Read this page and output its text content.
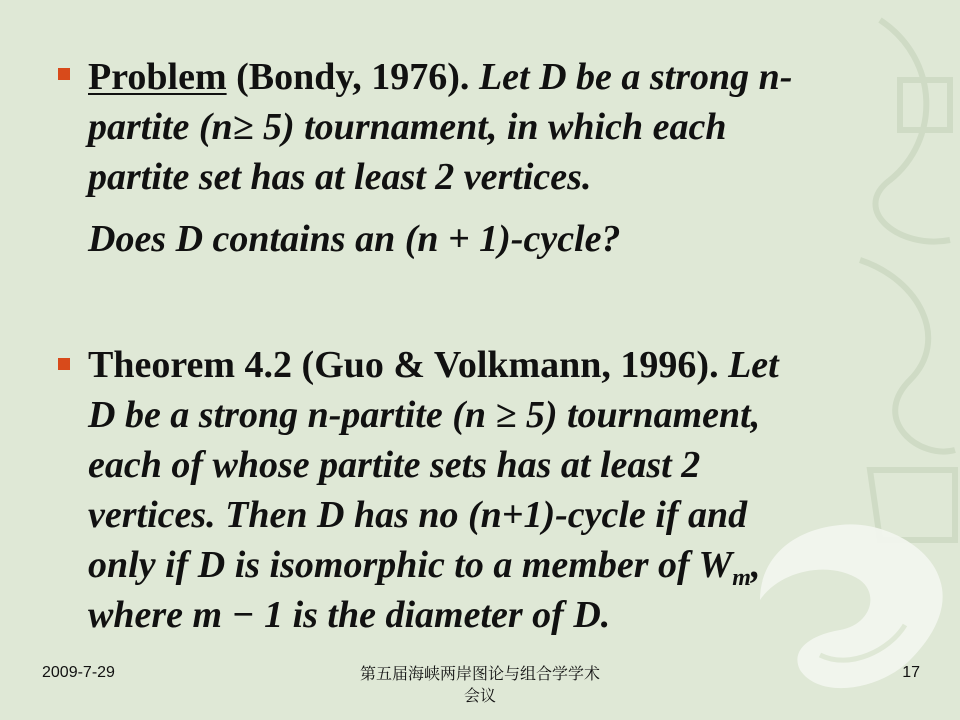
Problem (Bondy, 1976). Let D be a strong n-
partite (n≥ 5) tournament, in which each
partite set has at least 2 vertices.
Does D contains an (n + 1)-cycle?
Theorem 4.2 (Guo & Volkmann, 1996). Let
D be a strong n-partite (n ≥ 5) tournament,
each of whose partite sets has at least 2
vertices. Then D has no (n+1)-cycle if and
only if D is isomorphic to a member of $W_m$,
where m − 1 is the diameter of D.
2009-7-29	第五届海峡两岸图论与组合学学术
会议
17
